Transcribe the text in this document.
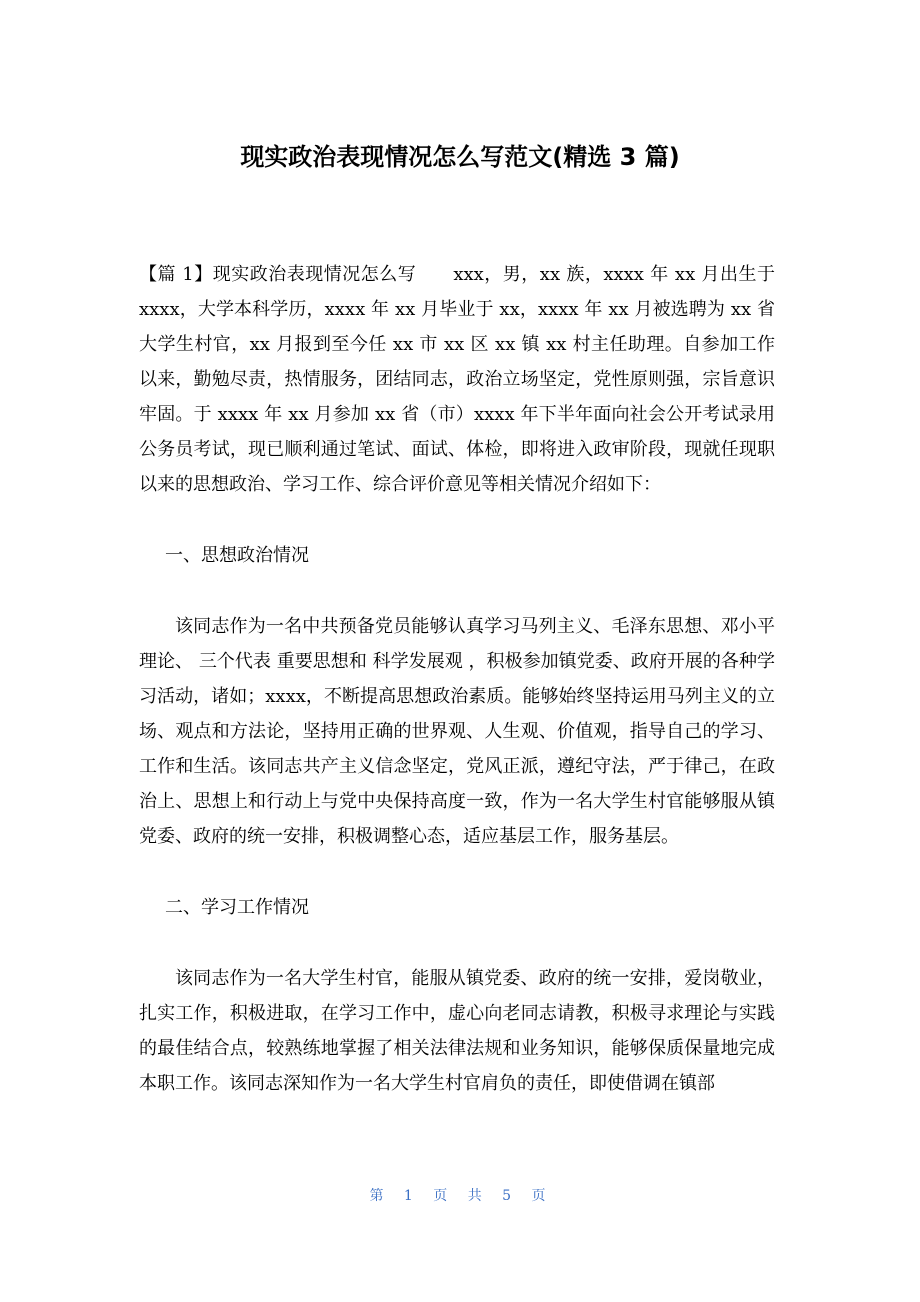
现实政治表现情况怎么写范文(精选 3 篇)

【篇 1】现实政治表现情况怎么写　　xxx，男，xx 族，xxxx 年 xx 月出生于 xxxx，大学本科学历，xxxx 年 xx 月毕业于 xx，xxxx 年 xx 月被选聘为 xx 省大学生村官，xx 月报到至今任 xx 市 xx 区 xx 镇 xx 村主任助理。自参加工作以来，勤勉尽责，热情服务，团结同志，政治立场坚定，党性原则强，宗旨意识牢固。于 xxxx 年 xx 月参加 xx 省（市）xxxx 年下半年面向社会公开考试录用公务员考试，现已顺利通过笔试、面试、体检，即将进入政审阶段，现就任现职以来的思想政治、学习工作、综合评价意见等相关情况介绍如下：

一、思想政治情况

该同志作为一名中共预备党员能够认真学习马列主义、毛泽东思想、邓小平理论、 三个代表 重要思想和 科学发展观 ，积极参加镇党委、政府开展的各种学习活动，诸如；xxxx，不断提高思想政治素质。能够始终坚持运用马列主义的立场、观点和方法论，坚持用正确的世界观、人生观、价值观，指导自己的学习、工作和生活。该同志共产主义信念坚定，党风正派，遵纪守法，严于律己，在政治上、思想上和行动上与党中央保持高度一致，作为一名大学生村官能够服从镇党委、政府的统一安排，积极调整心态，适应基层工作，服务基层。

二、学习工作情况

该同志作为一名大学生村官，能服从镇党委、政府的统一安排，爱岗敬业，扎实工作，积极进取，在学习工作中，虚心向老同志请教，积极寻求理论与实践的最佳结合点，较熟练地掌握了相关法律法规和业务知识，能够保质保量地完成本职工作。该同志深知作为一名大学生村官肩负的责任，即使借调在镇部

第 1 页 共 5 页
